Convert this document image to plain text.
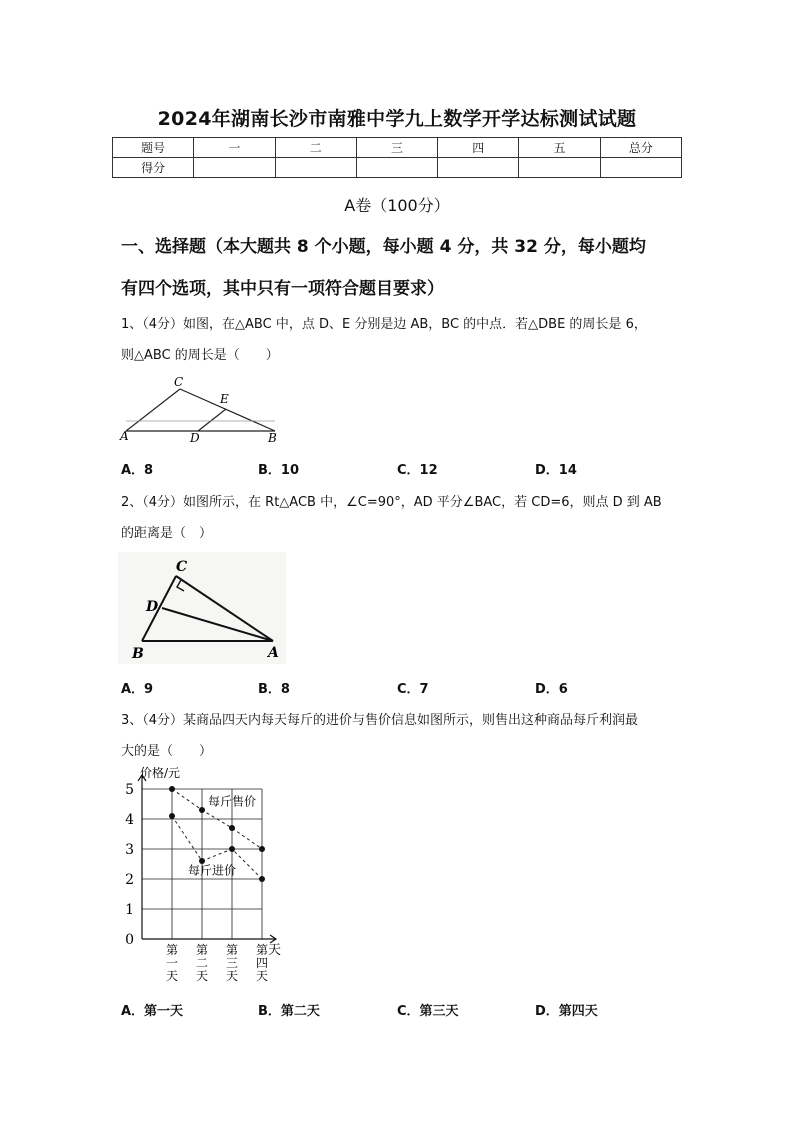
2024年湖南长沙市南雅中学九上数学开学达标测试试题
题号	一	二	三	四	五	总分
得分						
A卷（100分）
一、选择题（本大题共 8 个小题，每小题 4 分，共 32 分，每小题均
有四个选项，其中只有一项符合题目要求）
1、（4分）如图，在△ABC 中，点 D、E 分别是边 AB，BC 的中点．若△DBE 的周长是 6，
则△ABC 的周长是（　　）
A	B
C
D
E
A．8	B．10	C．12	D．14
2、（4分）如图所示，在 Rt△ACB 中，∠C=90°，AD 平分∠BAC，若 CD=6，则点 D 到 AB
的距离是（　）
B	A
C
D
A．9	B．8	C．7	D．6
3、（4分）某商品四天内每天每斤的进价与售价信息如图所示，则售出这种商品每斤利润最
大的是（　　）
0
1
2
3
4
5
第一天
第二天
第三天
第四天
价格/元
天
每斤售价
每斤进价
A．第一天	B．第二天	C．第三天	D．第四天
